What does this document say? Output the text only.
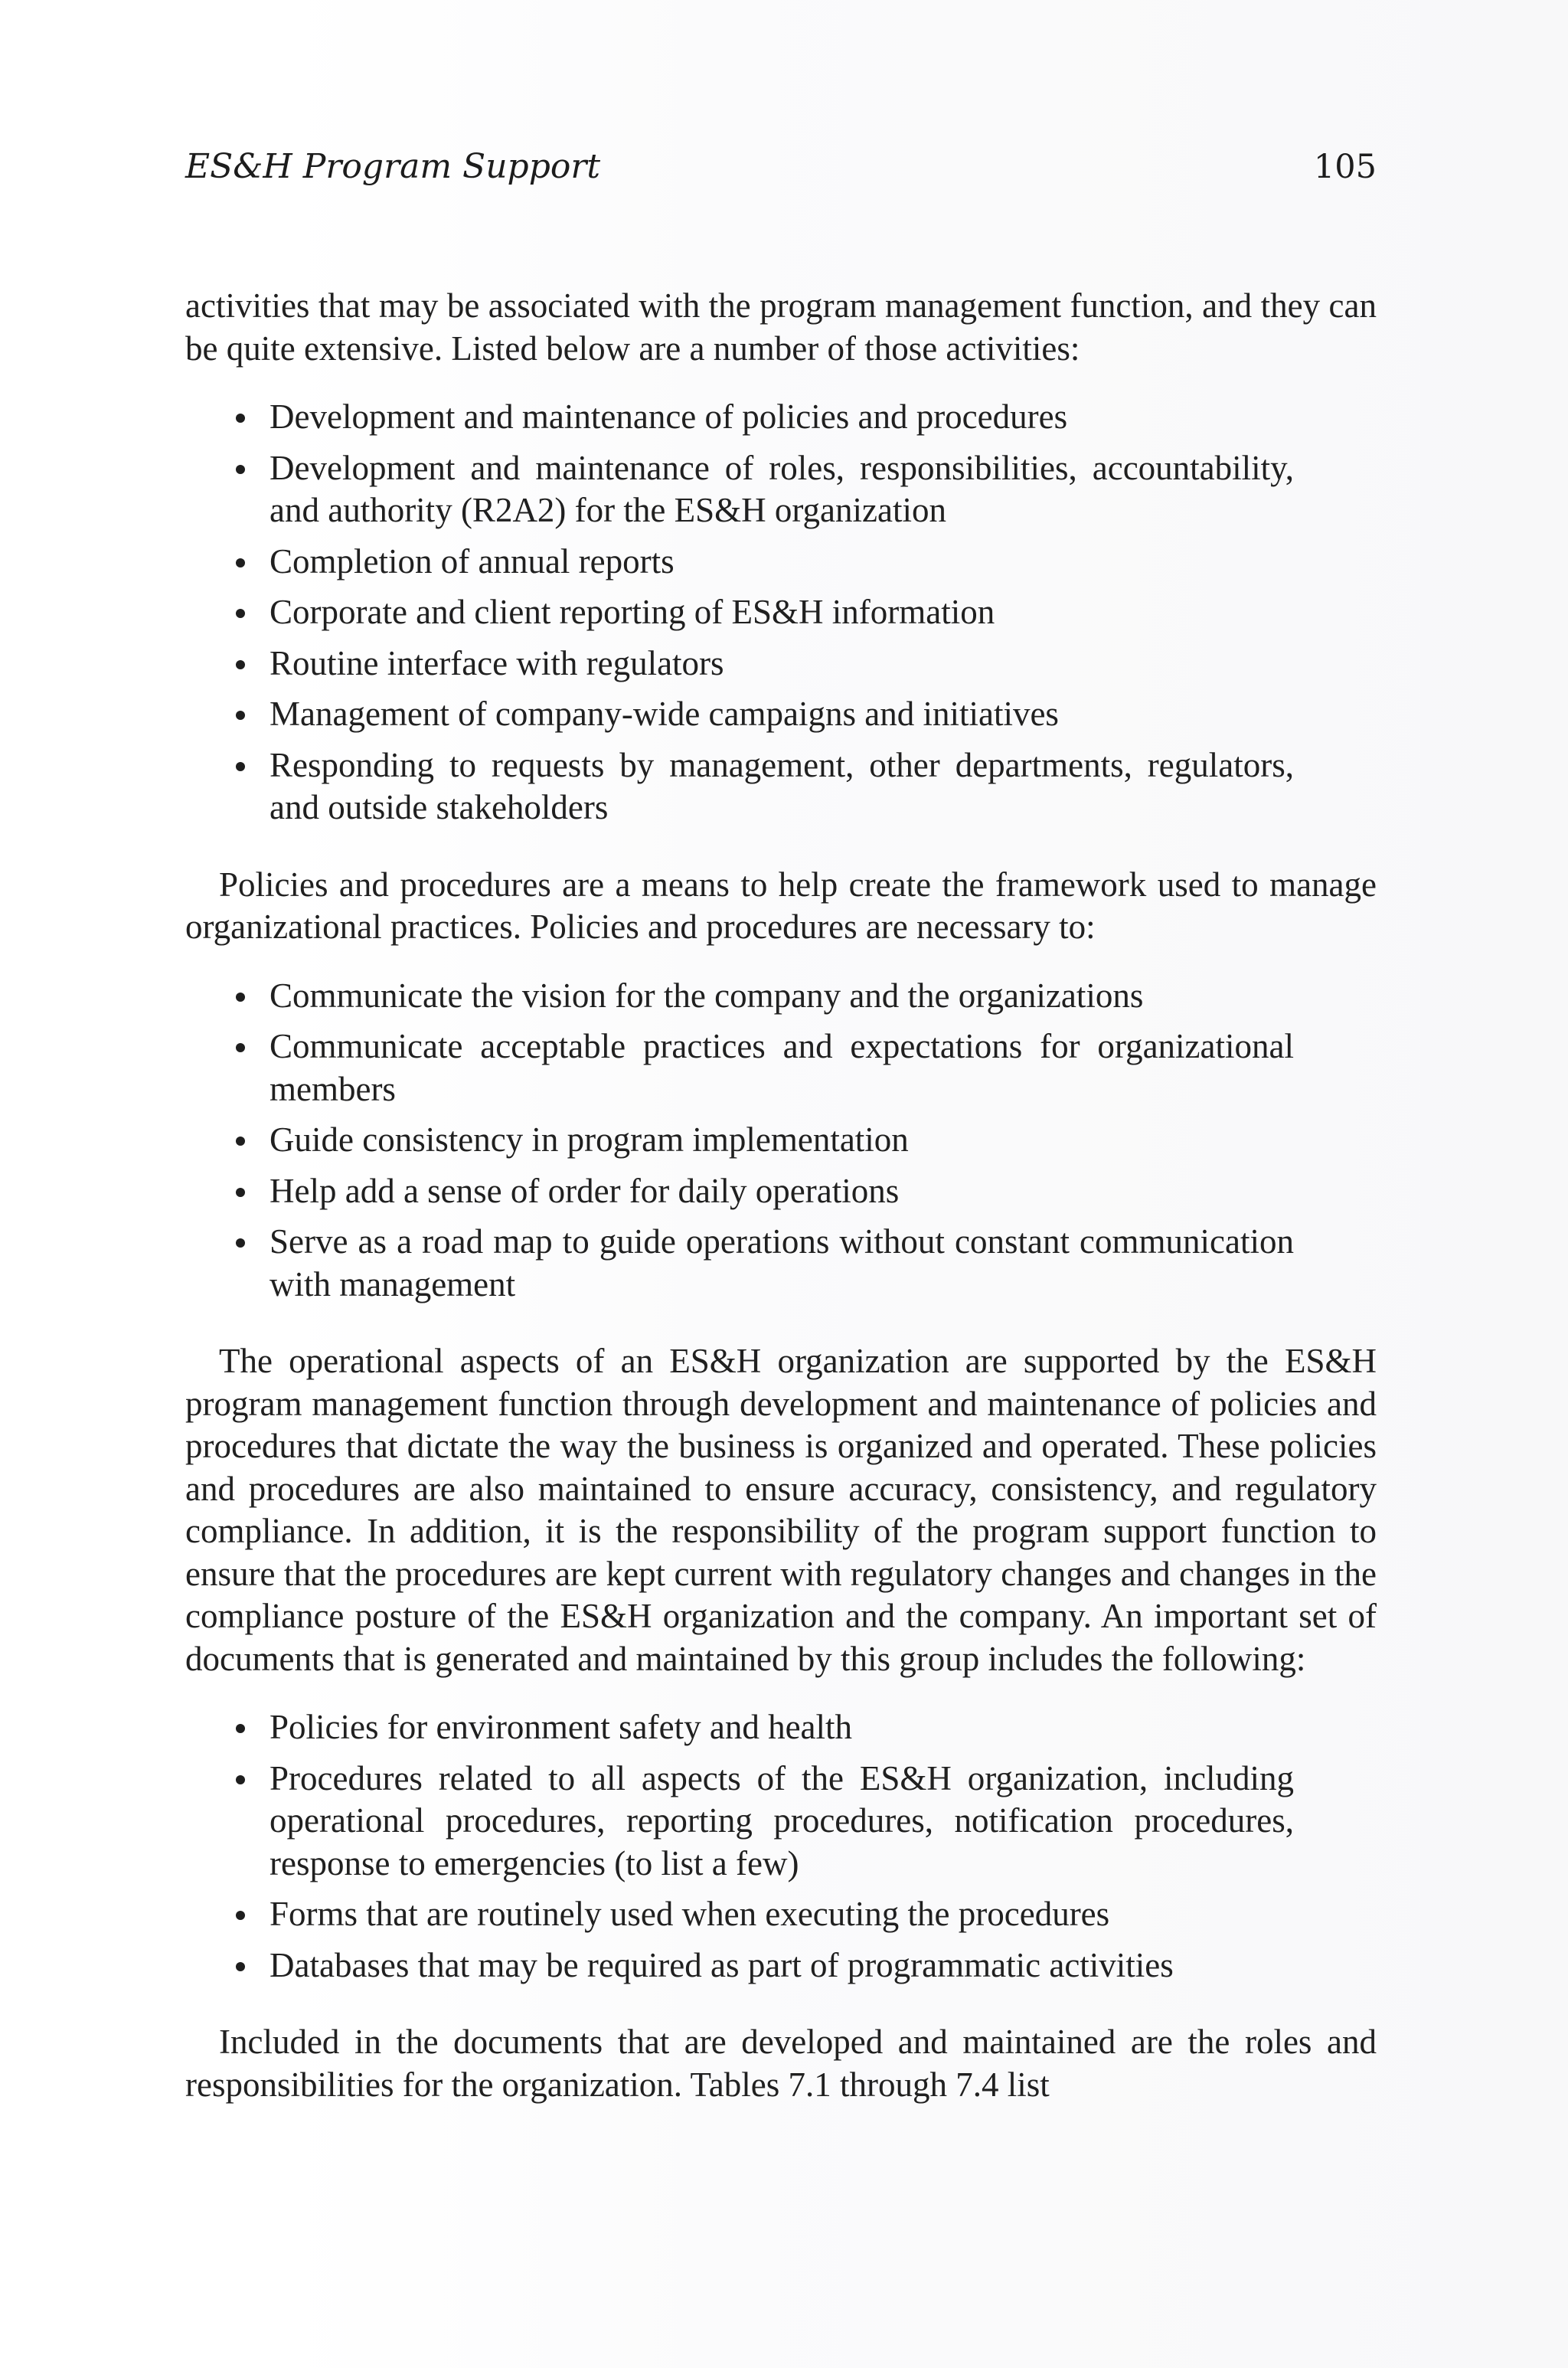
ES&H Program Support	105

activities that may be associated with the program management function, and they can be quite extensive. Listed below are a number of those activities:

Development and maintenance of policies and procedures
Development and maintenance of roles, responsibilities, accountability, and authority (R2A2) for the ES&H organization
Completion of annual reports
Corporate and client reporting of ES&H information
Routine interface with regulators
Management of company-wide campaigns and initiatives
Responding to requests by management, other departments, regulators, and outside stakeholders

Policies and procedures are a means to help create the framework used to manage organizational practices. Policies and procedures are necessary to:

Communicate the vision for the company and the organizations
Communicate acceptable practices and expectations for organizational members
Guide consistency in program implementation
Help add a sense of order for daily operations
Serve as a road map to guide operations without constant communication with management

The operational aspects of an ES&H organization are supported by the ES&H program management function through development and maintenance of policies and procedures that dictate the way the business is organized and operated. These policies and procedures are also maintained to ensure accuracy, consistency, and regulatory compliance. In addition, it is the responsibility of the program support function to ensure that the procedures are kept current with regulatory changes and changes in the compliance posture of the ES&H organization and the company. An important set of documents that is generated and maintained by this group includes the following:

Policies for environment safety and health
Procedures related to all aspects of the ES&H organization, including operational procedures, reporting procedures, notification procedures, response to emergencies (to list a few)
Forms that are routinely used when executing the procedures
Databases that may be required as part of programmatic activities

Included in the documents that are developed and maintained are the roles and responsibilities for the organization. Tables 7.1 through 7.4 list
